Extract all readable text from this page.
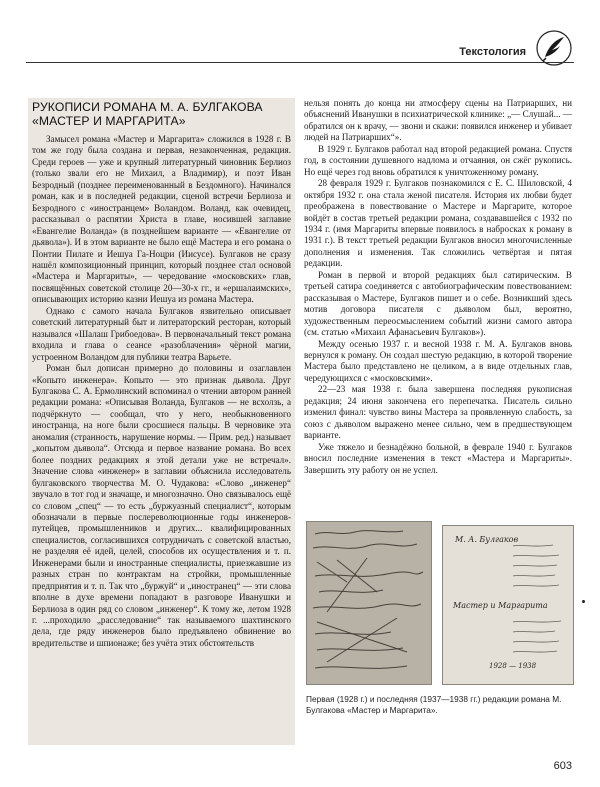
Текстология
РУКОПИСИ РОМАНА М. А. БУЛГАКОВА «МАСТЕР И МАРГАРИТА»

Замысел романа «Мастер и Маргарита» сложился в 1928 г. В том же году была создана и первая, незаконченная, редакция. Среди героев — уже и крупный литературный чиновник Берлиоз (только звали его не Михаил, а Владимир), и поэт Иван Безродный (позднее переименованный в Бездомного). Начинался роман, как и в последней редакции, сценой встречи Берлиоза и Безродного с «иностранцем» Воландом. Воланд, как очевидец, рассказывал о распятии Христа в главе, носившей заглавие «Евангелие Воланда» (в позднейшем варианте — «Евангелие от дьявола»). И в этом варианте не было ещё Мастера и его романа о Понтии Пилате и Иешуа Га-Ноцри (Иисусе). Булгаков не сразу нашёл композиционный принцип, который позднее стал основой «Мастера и Маргариты», — чередование «московских» глав, посвящённых советской столице 20—30-х гг., и «ершалаимских», описывающих историю казни Иешуа из романа Мастера.

Однако с самого начала Булгаков язвительно описывает советский литературный быт и литераторский ресторан, который назывался «Шалаш Грибоедова». В первоначальный текст романа входила и глава о сеансе «разоблачения» чёрной магии, устроенном Воландом для публики театра Варьете.

Роман был дописан примерно до половины и озаглавлен «Копыто инженера». Копыто — это признак дьявола. Друг Булгакова С. А. Ермолинский вспоминал о чтении автором ранней редакции романа: «Описывая Воланда, Булгаков — не всхолзь, а подчёркнуто — сообщал, что у него, необыкновенного иностранца, на ноге были сросшиеся пальцы. В черновике эта аномалия (странность, нарушение нормы. — Прим. ред.) называет „копытом дьявола“. Отсюда и первое название романа. Во всех более поздних редакциях я этой детали уже не встречал». Значение слова «инженер» в заглавии объяснила исследователь булгаковского творчества М. О. Чудакова: «Слово „инженер“ звучало в тот год и значаще, и многозначно. Оно связывалось ещё со словом „спец“ — то есть „буржуазный специалист“, которым обозначали в первые послереволюционные годы инженеров-путейцев, промышленников и других... квалифицированных специалистов, согласившихся сотрудничать с советской властью, не разделяя её идей, целей, способов их осуществления и т. п. Инженерами были и иностранные специалисты, приезжавшие из разных стран по контрактам на стройки, промышленные предприятия и т. п. Так что „буржуй“ и „иностранец“ — эти слова вполне в духе времени попадают в разговоре Иванушки и Берлиоза в один ряд со словом „инженер“. К тому же, летом 1928 г. ...проходило „расследование“ так называемого шахтинского дела, где ряду инженеров было предъявлено обвинение во вредительстве и шпионаже; без учёта этих обстоятельств

нельзя понять до конца ни атмосферу сцены на Патриарших, ни объяснений Иванушки в психиатрической клинике: „— Слушай... — обратился он к врачу, — звони и скажи: появился инженер и убивает людей на Патриарших“».

В 1929 г. Булгаков работал над второй редакцией романа. Спустя год, в состоянии душевного надлома и отчаяния, он сжёг рукопись. Но ещё через год вновь обратился к уничтоженному роману.

28 февраля 1929 г. Булгаков познакомился с Е. С. Шиловской, 4 октября 1932 г. она стала женой писателя. История их любви будет преображена в повествование о Мастере и Маргарите, которое войдёт в состав третьей редакции романа, создававшейся с 1932 по 1934 г. (имя Маргариты впервые появилось в набросках к роману в 1931 г.). В текст третьей редакции Булгаков вносил многочисленные дополнения и изменения. Так сложились четвёртая и пятая редакции.

Роман в первой и второй редакциях был сатирическим. В третьей сатира соединяется с автобиографическим повествованием: рассказывая о Мастере, Булгаков пишет и о себе. Возникший здесь мотив договора писателя с дьяволом был, вероятно, художественным переосмыслением событий жизни самого автора (см. статью «Михаил Афанасьевич Булгаков»).

Между осенью 1937 г. и весной 1938 г. М. А. Булгаков вновь вернулся к роману. Он создал шестую редакцию, в которой творение Мастера было представлено не целиком, а в виде отдельных глав, чередующихся с «московскими».

22—23 мая 1938 г. была завершена последняя рукописная редакция; 24 июня закончена его перепечатка. Писатель сильно изменил финал: чувство вины Мастера за проявленную слабость, за союз с дьяволом выражено менее сильно, чем в предшествующем варианте.

Уже тяжело и безнадёжно больной, в феврале 1940 г. Булгаков вносил последние изменения в текст «Мастера и Маргариты». Завершить эту работу он не успел.

М. А. Булгаков
Мастер и Маргарита
1928 — 1938
Первая (1928 г.) и последняя (1937—1938 гг.) редакции романа М. Булгакова «Мастер и Маргарита».
603
